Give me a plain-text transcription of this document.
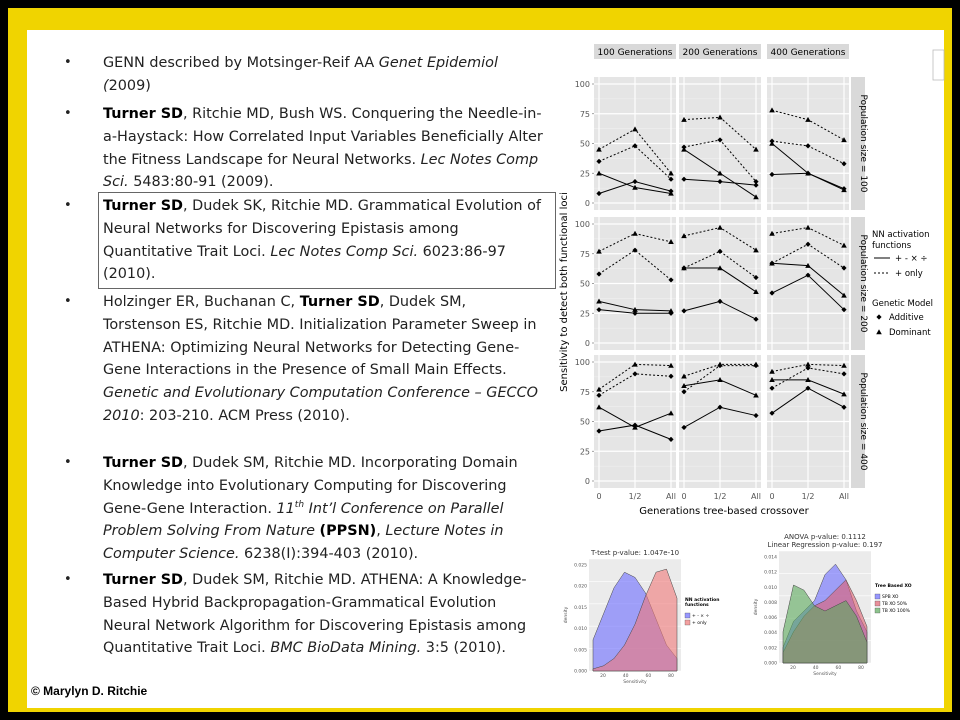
• GENN described by Motsinger-Reif AA Genet Epidemiol
(2009)
• Turner SD, Ritchie MD, Bush WS. Conquering the Needle-in-a-Haystack: How Correlated Input Variables Beneficially Alter the Fitness Landscape for Neural Networks. Lec Notes Comp Sci. 5483:80-91 (2009).
• Turner SD, Dudek SK, Ritchie MD. Grammatical Evolution of Neural Networks for Discovering Epistasis among Quantitative Trait Loci. Lec Notes Comp Sci. 6023:86-97 (2010).
• Holzinger ER, Buchanan C, Turner SD, Dudek SM, Torstenson ES, Ritchie MD. Initialization Parameter Sweep in ATHENA: Optimizing Neural Networks for Detecting Gene-Gene Interactions in the Presence of Small Main Effects. Genetic and Evolutionary Computation Conference – GECCO 2010: 203-210. ACM Press (2010).
• Turner SD, Dudek SM, Ritchie MD. Incorporating Domain Knowledge into Evolutionary Computing for Discovering Gene-Gene Interaction. 11th Int’l Conference on Parallel Problem Solving From Nature (PPSN), Lecture Notes in Computer Science. 6238(I):394-403 (2010).
• Turner SD, Dudek SM, Ritchie MD. ATHENA: A Knowledge-Based Hybrid Backpropagation-Grammatical Evolution Neural Network Algorithm for Discovering Epistasis among Quantitative Trait Loci. BMC BioData Mining. 3:5 (2010).
100 Generations 200 Generations 400 Generations
Population size = 100
Population size = 200
Population size = 400
0
25
50
75
100
0
25
50
75
100
0
25
50
75
100
0	1/2	All 0	1/2	All 0	1/2	All
Generations tree-based crossover
Sensitivity to detect both functional loci	NN activation
functions
+ - × ÷
+ only
Genetic Model
Additive
Dominant
T-test p-value: 1.047e-10
20	40	60	80
0.000
0.005
0.010
0.015
0.020
0.025
Sensitivity
density
NN activation
functions
+ - × ÷
+ only
ANOVA p-value: 0.1112
Linear Regression p-value: 0.197
20	40	60	80
0.000
0.002
0.004
0.006
0.008
0.010
0.012
0.014
Sensitivity
density
Tree Based XO
SPB XO
TB XO 50%
TB XO 100%
© Marylyn D. Ritchie
